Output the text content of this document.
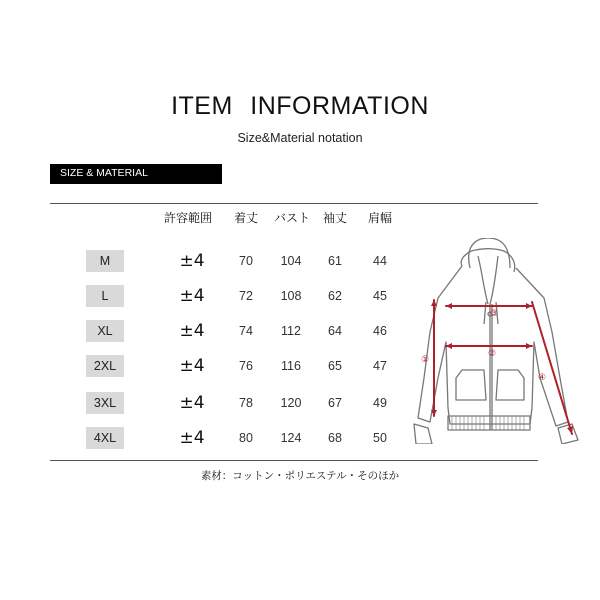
ITEM INFORMATION
Size&Material notation
SIZE & MATERIAL
許容範囲	着丈	バスト	袖丈	肩幅
M	±4	70	104	61	44
L	±4	72	108	62	45
XL	±4	74	112	64	46
2XL	±4	76	116	65	47
3XL	±4	78	120	67	49
4XL	±4	80	124	68	50
①
②
③
④
素材：コットン・ポリエステル・そのほか
